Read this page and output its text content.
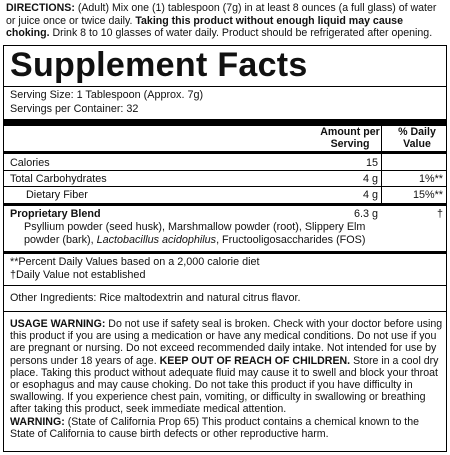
DIRECTIONS: (Adult) Mix one (1) tablespoon (7g) in at least 8 ounces (a full glass) of water or juice once or twice daily. Taking this product without enough liquid may cause choking. Drink 8 to 10 glasses of water daily. Product should be refrigerated after opening.
Supplement Facts
Serving Size: 1 Tablespoon (Approx. 7g)
Servings per Container: 32
Amount per Serving
% Daily Value
Calories	15
Total Carbohydrates	4 g	1%**
Dietary Fiber	4 g	15%**
Proprietary Blend	6.3 g	†
Psyllium powder (seed husk), Marshmallow powder (root), Slippery Elm
powder (bark), Lactobacillus acidophilus, Fructooligosaccharides (FOS)
**Percent Daily Values based on a 2,000 calorie diet
†Daily Value not established
Other Ingredients: Rice maltodextrin and natural citrus flavor.
USAGE WARNING: Do not use if safety seal is broken. Check with your doctor before using this product if you are using a medication or have any medical conditions. Do not use if you are pregnant or nursing. Do not exceed recommended daily intake. Not intended for use by persons under 18 years of age. KEEP OUT OF REACH OF CHILDREN. Store in a cool dry place. Taking this product without adequate fluid may cause it to swell and block your throat or esophagus and may cause choking. Do not take this product if you have difficulty in swallowing. If you experience chest pain, vomiting, or difficulty in swallowing or breathing after taking this product, seek immediate medical attention.
WARNING: (State of California Prop 65) This product contains a chemical known to the State of California to cause birth defects or other reproductive harm.
